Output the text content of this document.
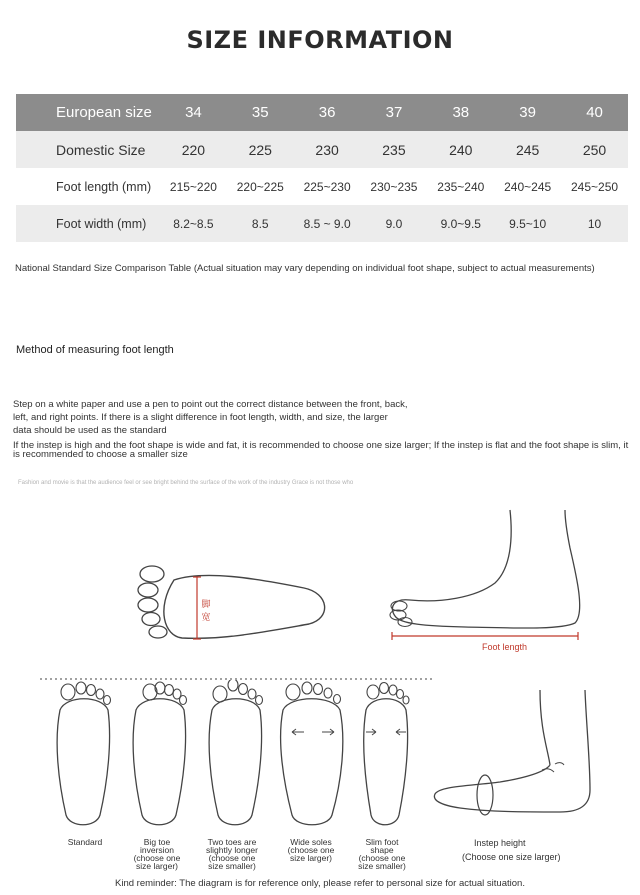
SIZE INFORMATION
European size	34	35	36	37	38	39	40
Domestic Size	220	225	230	235	240	245	250
Foot length (mm)	215~220	220~225	225~230	230~235	235~240	240~245	245~250
Foot width (mm)	8.2~8.5	8.5	8.5 ~ 9.0	9.0	9.0~9.5	9.5~10	10
National Standard Size Comparison Table (Actual situation may vary depending on individual foot shape, subject to actual measurements)
Method of measuring foot length
Step on a white paper and use a pen to point out the correct distance between the front, back, left, and right points. If there is a slight difference in foot length, width, and size, the larger data should be used as the standard
If the instep is high and the foot shape is wide and fat, it is recommended to choose one size larger; If the instep is flat and the foot shape is slim, it is recommended to choose a smaller size
Fashion and movie is that the audience feel or see bright behind the surface of the work of the industry Grace is not those who
脚宽
Foot length
Standard	Big toe inversion (choose one size larger)
Two toes are slightly longer (choose one size smaller)
Wide soles (choose one size larger)
Slim foot shape (choose one size smaller)
Instep height
(Choose one size larger)
Kind reminder: The diagram is for reference only, please refer to personal size for actual situation.
